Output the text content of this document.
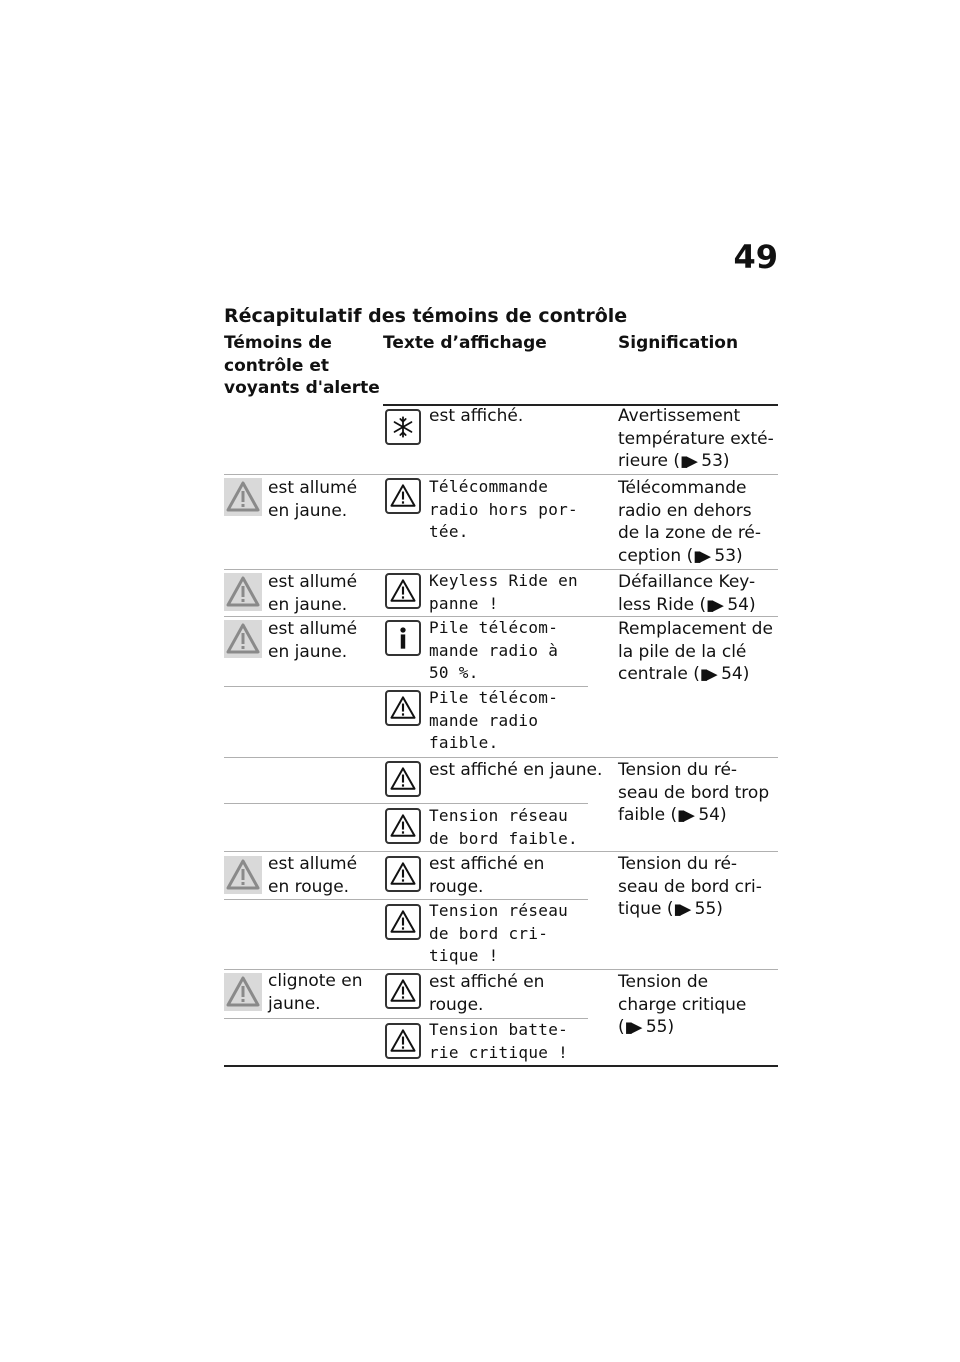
49
Récapitulatif des témoins de contrôle
Témoins de
contrôle et
voyants d'alerte
Texte d’affichage	Signification
est affiché.	Avertissement
température exté-
rieure (▮▶ 53)
est allumé
en jaune.
Télécommande
radio hors por-
tée.
Télécommande
radio en dehors
de la zone de ré-
ception (▮▶ 53)
est allumé
en jaune.
Keyless Ride en
panne !
Défaillance Key-
less Ride (▮▶ 54)
est allumé
en jaune.
Pile télécom-
mande radio à
50 %.
Remplacement de
la pile de la clé
centrale (▮▶ 54)
Pile télécom-
mande radio
faible.
est affiché en jaune. Tension du ré-
seau de bord trop
faible (▮▶ 54)
Tension réseau
de bord faible.
est allumé
en rouge.
est affiché en
rouge.
Tension du ré-
seau de bord cri-
tique (▮▶ 55)
Tension réseau
de bord cri-
tique !
clignote en
jaune.
est affiché en
rouge.
Tension de
charge critique
(▮▶ 55)
Tension batte-
rie critique !
